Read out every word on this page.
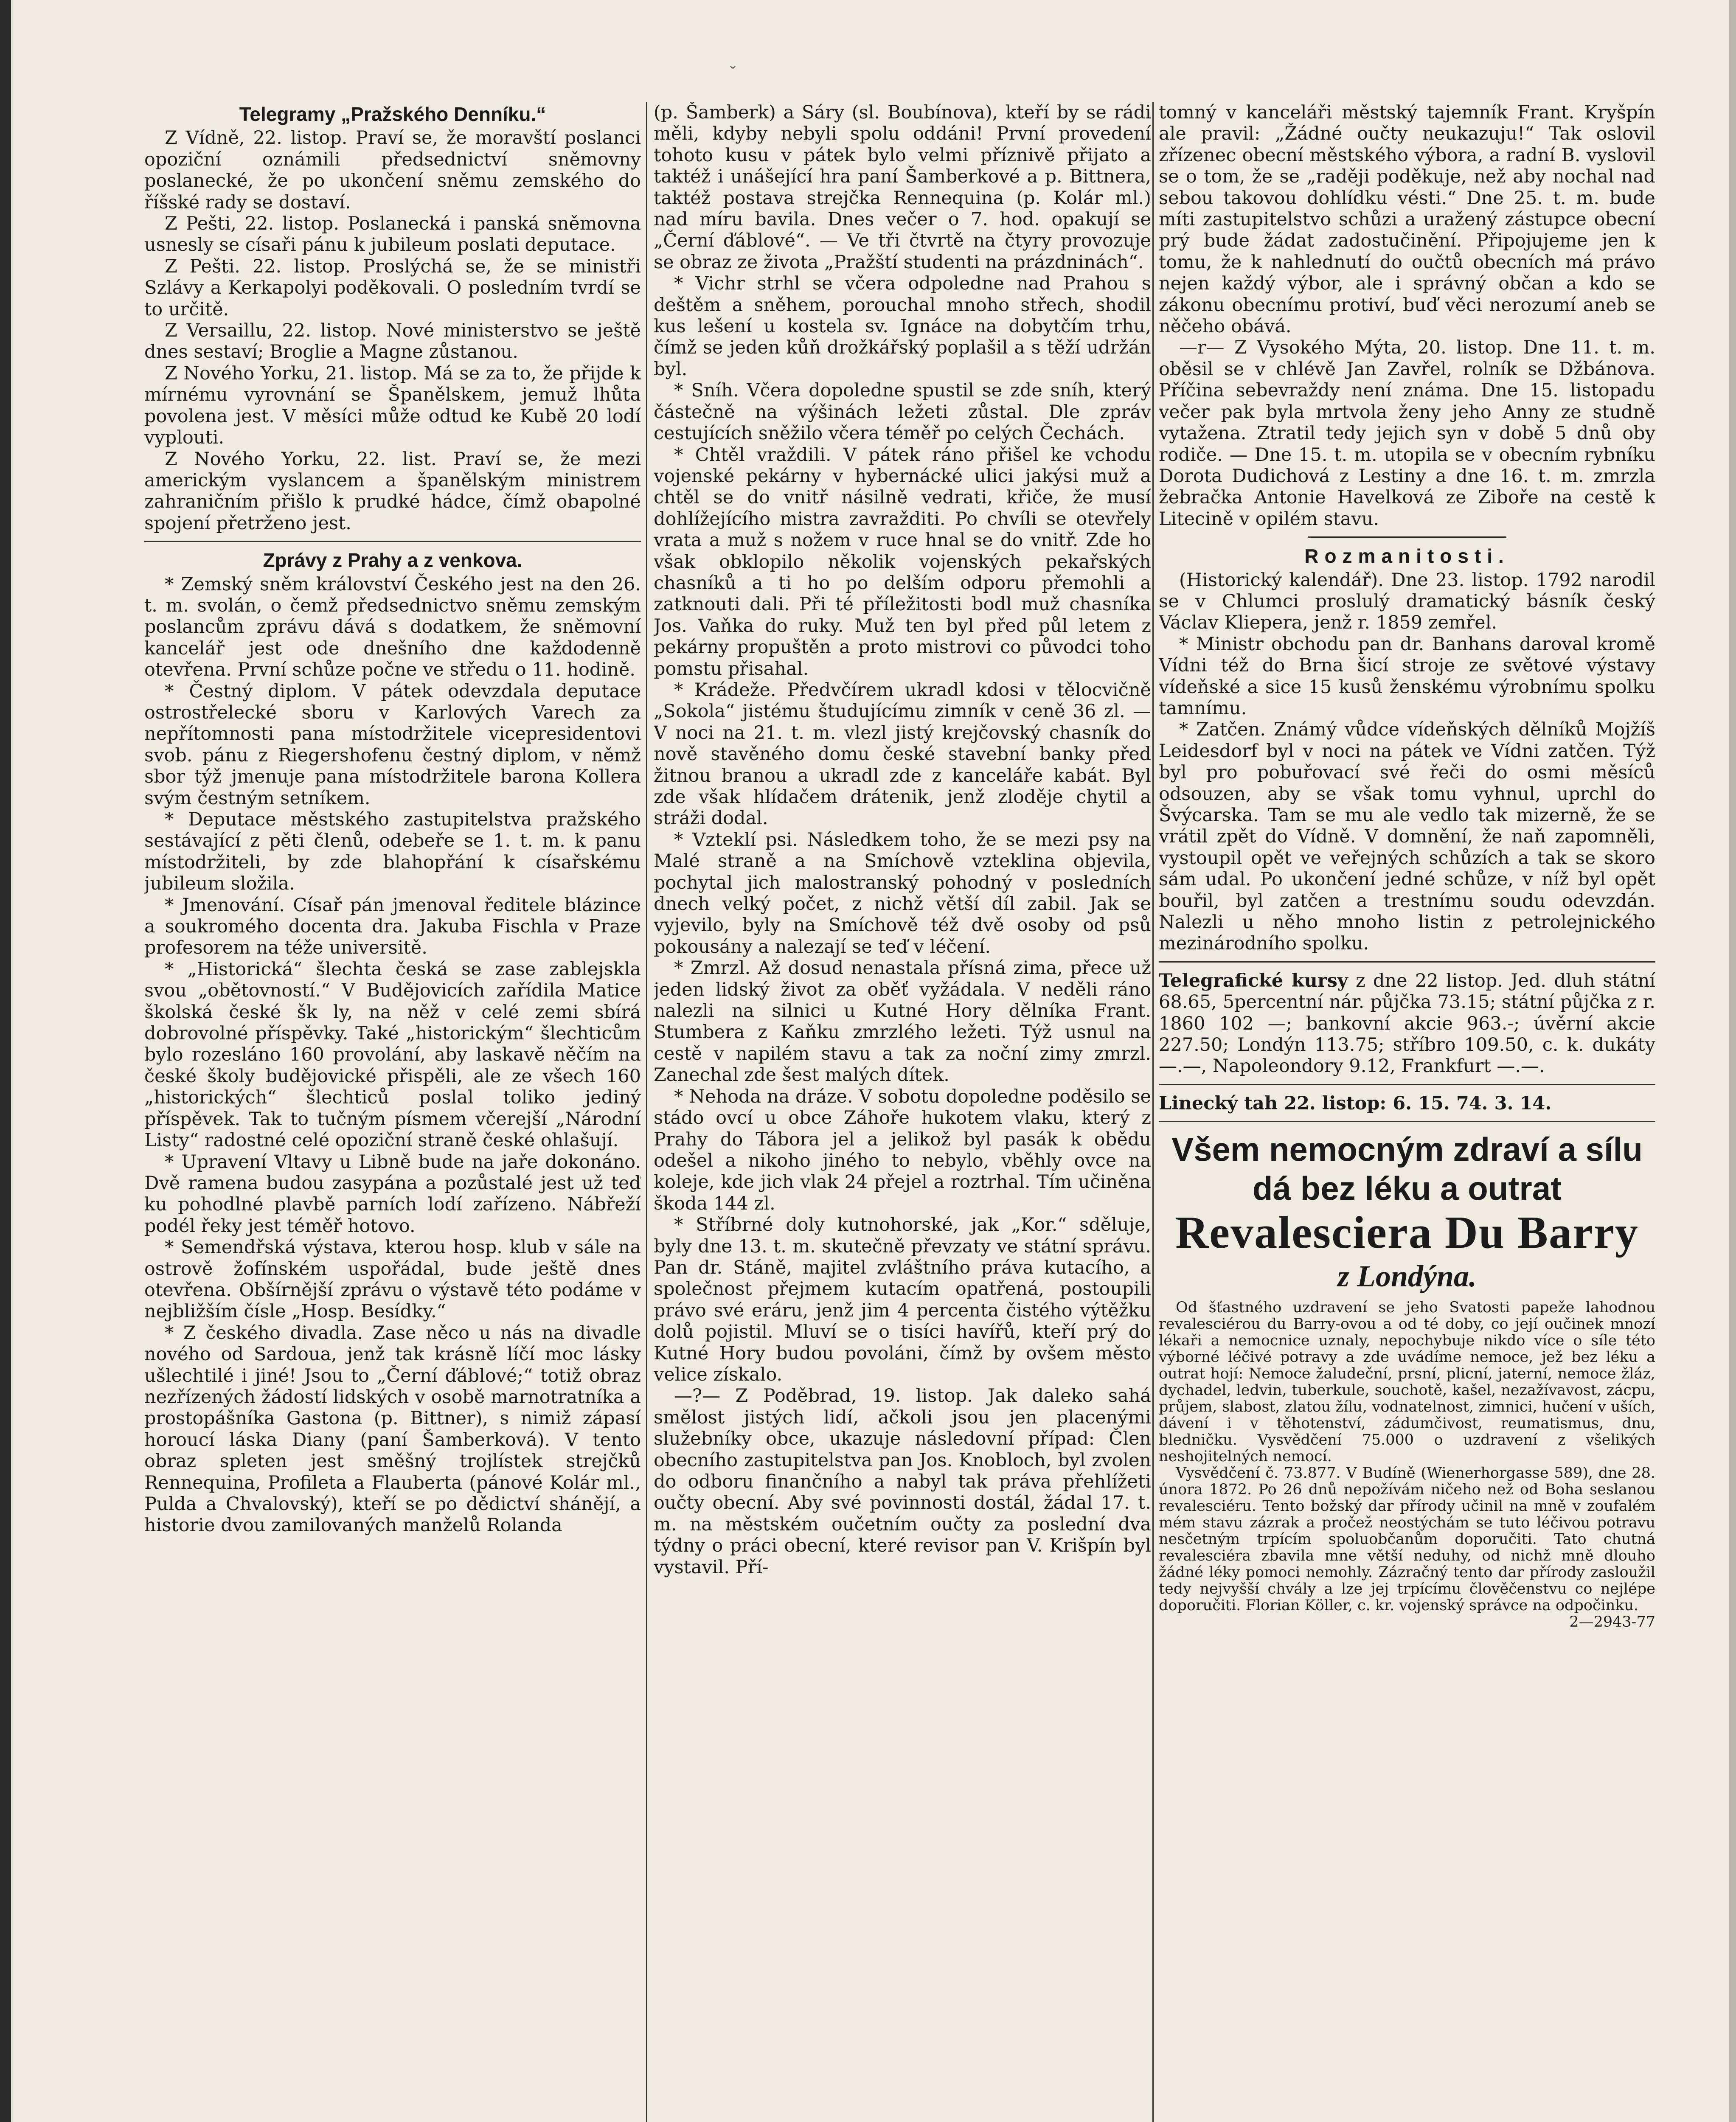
ˇ
Telegramy „Pražského Denníku.“

Z Vídně, 22. listop. Praví se, že moravští poslanci opoziční oznámili předsednictví sněmovny poslanecké, že po ukončení sněmu zemského do říšské rady se dostaví.

Z Pešti, 22. listop. Poslanecká i panská sněmovna usnesly se císaři pánu k jubileum poslati deputace.

Z Pešti. 22. listop. Proslýchá se, že se ministři Szlávy a Kerkapolyi poděkovali. O posledním tvrdí se to určitě.

Z Versaillu, 22. listop. Nové ministerstvo se ještě dnes sestaví; Broglie a Magne zůstanou.

Z Nového Yorku, 21. listop. Má se za to, že přijde k mírnému vyrovnání se Španělskem, jemuž lhůta povolena jest. V měsíci může odtud ke Kubě 20 lodí vyplouti.

Z Nového Yorku, 22. list. Praví se, že mezi americkým vyslancem a španělským ministrem zahraničním přišlo k prudké hádce, čímž obapolné spojení přetrženo jest.

Zprávy z Prahy a z venkova.

* Zemský sněm království Českého jest na den 26. t. m. svolán, o čemž předsednictvo sněmu zemským poslancům zprávu dává s dodatkem, že sněmovní kancelář jest ode dnešního dne každodenně otevřena. První schůze počne ve středu o 11. hodině.

* Čestný diplom. V pátek odevzdala deputace ostrostřelecké sboru v Karlových Varech za nepřítomnosti pana místodržitele vicepresidentovi svob. pánu z Riegershofenu čestný diplom, v němž sbor týž jmenuje pana místodržitele barona Kollera svým čestným setníkem.

* Deputace městského zastupitelstva pražského sestávající z pěti členů, odebeře se 1. t. m. k panu místodržiteli, by zde blahopřání k císařskému jubileum složila.

* Jmenování. Císař pán jmenoval ředitele blázince a soukromého docenta dra. Jakuba Fischla v Praze profesorem na téže universitě.

* „Historická“ šlechta česká se zase zablejskla svou „obětovností.“ V Budějovicích zařídila Matice školská české šk ly, na něž v celé zemi sbírá dobrovolné příspěvky. Také „historickým“ šlechticům bylo rozesláno 160 provolání, aby laskavě něčím na české školy budějovické přispěli, ale ze všech 160 „historických“ šlechticů poslal toliko jediný příspěvek. Tak to tučným písmem včerejší „Národní Listy“ radostné celé opoziční straně české ohlašují.

* Upravení Vltavy u Libně bude na jaře dokonáno. Dvě ramena budou zasypána a pozůstalé jest už teď ku pohodlné plavbě parních lodí zařízeno. Nábřeží podél řeky jest téměř hotovo.

* Semendřská výstava, kterou hosp. klub v sále na ostrově žofínském uspořádal, bude ještě dnes otevřena. Obšírnější zprávu o výstavě této podáme v nejbližším čísle „Hosp. Besídky.“

* Z českého divadla. Zase něco u nás na divadle nového od Sardoua, jenž tak krásně líčí moc lásky ušlechtilé i jiné! Jsou to „Černí ďáblové;“ totiž obraz nezřízených žádostí lidských v osobě marnotratníka a prostopášníka Gastona (p. Bittner), s nimiž zápasí horoucí láska Diany (paní Šamberková). V tento obraz spleten jest směšný trojlístek strejčků Rennequina, Profileta a Flauberta (pánové Kolár ml., Pulda a Chvalovský), kteří se po dědictví shánějí, a historie dvou zamilovaných manželů Rolanda

(p. Šamberk) a Sáry (sl. Boubínova), kteří by se rádi měli, kdyby nebyli spolu oddáni! První provedení tohoto kusu v pátek bylo velmi příznivě přijato a taktéž i unášející hra paní Šamberkové a p. Bittnera, taktéž postava strejčka Rennequina (p. Kolár ml.) nad míru bavila. Dnes večer o 7. hod. opakují se „Černí ďáblové“. — Ve tři čtvrtě na čtyry provozuje se obraz ze života „Pražští studenti na prázdninách“.

* Vichr strhl se včera odpoledne nad Prahou s deštěm a sněhem, porouchal mnoho střech, shodil kus lešení u kostela sv. Ignáce na dobytčím trhu, čímž se jeden kůň drožkářský poplašil a s těží udržán byl.

* Sníh. Včera dopoledne spustil se zde sníh, který částečně na výšinách ležeti zůstal. Dle zpráv cestujících sněžilo včera téměř po celých Čechách.

* Chtěl vraždili. V pátek ráno přišel ke vchodu vojenské pekárny v hybernácké ulici jakýsi muž a chtěl se do vnitř násilně vedrati, křiče, že musí dohlížejícího mistra zavražditi. Po chvíli se otevřely vrata a muž s nožem v ruce hnal se do vnitř. Zde ho však obklopilo několik vojenských pekařských chasníků a ti ho po delším odporu přemohli a zatknouti dali. Při té příležitosti bodl muž chasníka Jos. Vaňka do ruky. Muž ten byl před půl letem z pekárny propuštěn a proto mistrovi co původci toho pomstu přisahal.

* Krádeže. Předvčírem ukradl kdosi v tělocvičně „Sokola“ jistému študujícímu zimník v ceně 36 zl. — V noci na 21. t. m. vlezl jistý krejčovský chasník do nově stavěného domu české stavební banky před žitnou branou a ukradl zde z kanceláře kabát. Byl zde však hlídačem drátenik, jenž zloděje chytil a stráži dodal.

* Vzteklí psi. Následkem toho, že se mezi psy na Malé straně a na Smíchově vzteklina objevila, pochytal jich malostranský pohodný v posledních dnech velký počet, z nichž větší díl zabil. Jak se vyjevilo, byly na Smíchově též dvě osoby od psů pokousány a nalezají se teď v léčení.

* Zmrzl. Až dosud nenastala přísná zima, přece už jeden lidský život za oběť vyžádala. V neděli ráno nalezli na silnici u Kutné Hory dělníka Frant. Stumbera z Kaňku zmrzlého ležeti. Týž usnul na cestě v napilém stavu a tak za noční zimy zmrzl. Zanechal zde šest malých dítek.

* Nehoda na dráze. V sobotu dopoledne poděsilo se stádo ovcí u obce Záhoře hukotem vlaku, který z Prahy do Tábora jel a jelikož byl pasák k obědu odešel a nikoho jiného to nebylo, vběhly ovce na koleje, kde jich vlak 24 přejel a roztrhal. Tím učiněna škoda 144 zl.

* Stříbrné doly kutnohorské, jak „Kor.“ sděluje, byly dne 13. t. m. skutečně převzaty ve státní správu. Pan dr. Stáně, majitel zvláštního práva kutacího, a společnost přejmem kutacím opatřená, postoupili právo své eráru, jenž jim 4 percenta čistého výtěžku dolů pojistil. Mluví se o tisíci havířů, kteří prý do Kutné Hory budou povoláni, čímž by ovšem město velice získalo.

—?— Z Poděbrad, 19. listop. Jak daleko sahá smělost jistých lidí, ačkoli jsou jen placenými služebníky obce, ukazuje následovní případ: Člen obecního zastupitelstva pan Jos. Knobloch, byl zvolen do odboru finančního a nabyl tak práva přehlížeti oučty obecní. Aby své povinnosti dostál, žádal 17. t. m. na městském oučetním oučty za poslední dva týdny o práci obecní, které revisor pan V. Krišpín byl vystavil. Pří-

tomný v kanceláři městský tajemník Frant. Kryšpín ale pravil: „Žádné oučty neukazuju!“ Tak oslovil zřízenec obecní městského výbora, a radní B. vyslovil se o tom, že se „raději poděkuje, než aby nochal nad sebou takovou dohlídku vésti.“ Dne 25. t. m. bude míti zastupitelstvo schůzi a uražený zástupce obecní prý bude žádat zadostučinění. Připojujeme jen k tomu, že k nahlednutí do oučtů obecních má právo nejen každý výbor, ale i správný občan a kdo se zákonu obecnímu protiví, buď věci nerozumí aneb se něčeho obává.

—r— Z Vysokého Mýta, 20. listop. Dne 11. t. m. oběsil se v chlévě Jan Zavřel, rolník se Džbánova. Příčina sebevraždy není známa. Dne 15. listopadu večer pak byla mrtvola ženy jeho Anny ze studně vytažena. Ztratil tedy jejich syn v době 5 dnů oby rodiče. — Dne 15. t. m. utopila se v obecním rybníku Dorota Dudichová z Lestiny a dne 16. t. m. zmrzla žebračka Antonie Havelková ze Ziboře na cestě k Litecině v opilém stavu.

Rozmanitosti.

(Historický kalendář). Dne 23. listop. 1792 narodil se v Chlumci proslulý dramatický básník český Václav Kliepera, jenž r. 1859 zemřel.

* Ministr obchodu pan dr. Banhans daroval kromě Vídni též do Brna šicí stroje ze světové výstavy vídeňské a sice 15 kusů ženskému výrobnímu spolku tamnímu.

* Zatčen. Známý vůdce vídeňských dělníků Mojžíš Leidesdorf byl v noci na pátek ve Vídni zatčen. Týž byl pro pobuřovací své řeči do osmi měsíců odsouzen, aby se však tomu vyhnul, uprchl do Švýcarska. Tam se mu ale vedlo tak mizerně, že se vrátil zpět do Vídně. V domnění, že naň zapomněli, vystoupil opět ve veřejných schůzích a tak se skoro sám udal. Po ukončení jedné schůze, v níž byl opět bouřil, byl zatčen a trestnímu soudu odevzdán. Nalezli u něho mnoho listin z petrolejnického mezinárodního spolku.

Telegrafické kursy z dne 22 listop. Jed. dluh státní 68.65, 5percentní nár. půjčka 73.15; státní půjčka z r. 1860 102 —; bankovní akcie 963.-; úvěrní akcie 227.50; Londýn 113.75; stříbro 109.50, c. k. dukáty —.—, Napoleondory 9.12, Frankfurt —.—.

Linecký tah 22. listop: 6. 15. 74. 3. 14.

Všem nemocným zdraví a sílu
dá bez léku a outrat
Revalesciera Du Barry
z Londýna.

Od šťastného uzdravení se jeho Svatosti papeže lahodnou revalesciérou du Barry-ovou a od té doby, co její oučinek mnozí lékaři a nemocnice uznaly, nepochybuje nikdo více o síle této výborné léčivé potravy a zde uvádíme nemoce, jež bez léku a outrat hojí: Nemoce žaludeční, prsní, plicní, jaterní, nemoce žláz, dychadel, ledvin, tuberkule, souchotě, kašel, nezažívavost, zácpu, průjem, slabost, zlatou žílu, vodnatelnost, zimnici, hučení v uších, dávení i v těhotenství, zádumčivost, reumatismus, dnu, bledničku. Vysvědčení 75.000 o uzdravení z všelikých neshojitelných nemocí.

Vysvědčení č. 73.877. V Budíně (Wienerhorgasse 589), dne 28. února 1872. Po 26 dnů nepožívám ničeho než od Boha seslanou revalesciéru. Tento božský dar přírody učinil na mně v zoufalém mém stavu zázrak a pročež neostýchám se tuto léčivou potravu nesčetným trpícím spoluobčanům doporučiti. Tato chutná revalesciéra zbavila mne větší neduhy, od nichž mně dlouho žádné léky pomoci nemohly. Zázračný tento dar přírody zasloužil tedy nejvyšší chvály a lze jej trpícímu člověčenstvu co nejlépe doporučiti. Florian Köller, c. kr. vojenský správce na odpočinku.

2—2943-77
